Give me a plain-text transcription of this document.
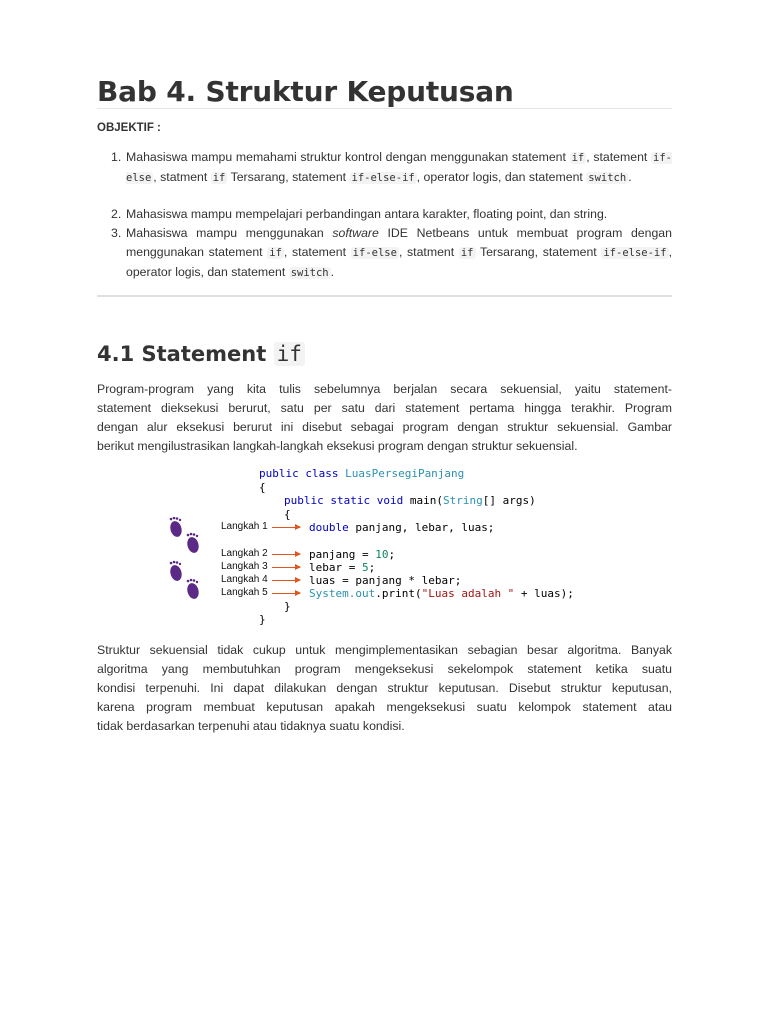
Bab 4. Struktur Keputusan
OBJEKTIF :
1. Mahasiswa mampu memahami struktur kontrol dengan menggunakan statement if , statement if-else , statment if Tersarang, statement if-else-if , operator logis, dan statement switch .
2. Mahasiswa mampu mempelajari perbandingan antara karakter, floating point, dan string.
3. Mahasiswa mampu menggunakan software IDE Netbeans untuk membuat program dengan menggunakan statement if , statement if-else , statment if Tersarang, statement if-else-if , operator logis, dan statement switch .
4.1 Statement if
Program-program yang kita tulis sebelumnya berjalan secara sekuensial, yaitu statement-
statement dieksekusi berurut, satu per satu dari statement pertama hingga terakhir. Program
dengan alur eksekusi berurut ini disebut sebagai program dengan struktur sekuensial. Gambar
berikut mengilustrasikan langkah-langkah eksekusi program dengan struktur sekuensial.
Langkah 1
Langkah 2
Langkah 3
Langkah 4
Langkah 5
public class LuasPersegiPanjang
{
public static void main(String[] args)
{
double panjang, lebar, luas;
panjang = 10;
lebar = 5;
luas = panjang * lebar;
System.out.print("Luas adalah " + luas);
}
}
Struktur sekuensial tidak cukup untuk mengimplementasikan sebagian besar algoritma. Banyak
algoritma yang membutuhkan program mengeksekusi sekelompok statement ketika suatu
kondisi terpenuhi. Ini dapat dilakukan dengan struktur keputusan. Disebut struktur keputusan,
karena program membuat keputusan apakah mengeksekusi suatu kelompok statement atau
tidak berdasarkan terpenuhi atau tidaknya suatu kondisi.
